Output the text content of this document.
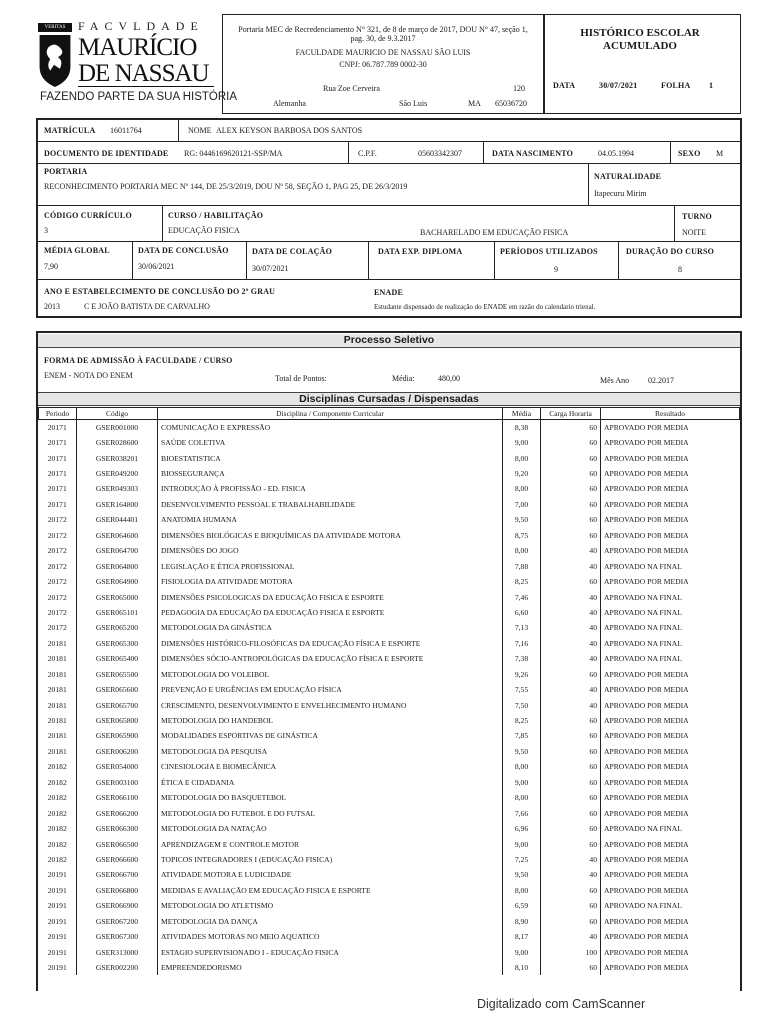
VERITAS	FACVLDADE
MAURÍCIO
DE NASSAU
FAZENDO PARTE DA SUA HISTÓRIA
Portaria MEC de Recredenciamento N° 321, de 8 de março de 2017, DOU N° 47, seção 1, pag. 30, de 9.3.2017
FACULDADE MAURICIO DE NASSAU SÃO LUIS
CNPJ: 06.787.789 0002-30
Rua Zoe Cerveira	120
Alemanha	São Luis	MA 65036720
HISTÓRICO ESCOLAR ACUMULADO
DATA	30/07/2021	FOLHA 1
MATRÍCULA 16011764	NOME ALEX KEYSON BARBOSA DOS SANTOS
DOCUMENTO DE IDENTIDADE RG: 0446169620121-SSP/MA	C.P.F.	05603342307	DATA NASCIMENTO	04.05.1994	SEXO M
PORTARIA
RECONHECIMENTO PORTARIA MEC Nº 144, DE 25/3/2019, DOU Nº 58, SEÇÃO 1, PAG 25, DE 26/3/2019
NATURALIDADE
Itapecuru Mirim
CÓDIGO CURRÍCULO
3
CURSO / HABILITAÇÃO
EDUCAÇÃO FISICA	BACHARELADO EM EDUCAÇÃO FISICA
TURNO
NOITE
MÉDIA GLOBAL
7,90
DATA DE CONCLUSÃO
30/06/2021
DATA DE COLAÇÃO
30/07/2021
DATA EXP. DIPLOMA	PERÍODOS UTILIZADOS
9
DURAÇÃO DO CURSO
8
ANO E ESTABELECIMENTO DE CONCLUSÃO DO 2º GRAU
2013	C E JOÃO BATISTA DE CARVALHO
ENADE
Estudante dispensado de realização do ENADE em razão do calendario trienal.
Processo Seletivo
FORMA DE ADMISSÃO À FACULDADE / CURSO
ENEM - NOTA DO ENEM	Total de Pontos:	Média:	480,00	Mês Ano 02.2017
Disciplinas Cursadas / Dispensadas
Periodo	Código	Disciplina / Componente Curricular	Média	Carga Horaria	Resultado
20171	GSER001000	COMUNICAÇÃO E EXPRESSÃO	8,38	60	APROVADO POR MEDIA
20171	GSER028600	SAÚDE COLETIVA	9,00	60	APROVADO POR MEDIA
20171	GSER038201	BIOESTATISTICA	8,00	60	APROVADO POR MEDIA
20171	GSER049200	BIOSSEGURANÇA	9,20	60	APROVADO POR MEDIA
20171	GSER049303	INTRODUÇÃO À PROFISSÃO - ED. FISICA	8,00	60	APROVADO POR MEDIA
20171	GSER164800	DESENVOLVIMENTO PESSOAL E TRABALHABILIDADE	7,00	60	APROVADO POR MEDIA
20172	GSER044401	ANATOMIA HUMANA	9,50	60	APROVADO POR MEDIA
20172	GSER064600	DIMENSÕES BIOLÓGICAS E BIOQUÍMICAS DA ATIVIDADE MOTORA	8,75	60	APROVADO POR MEDIA
20172	GSER064700	DIMENSÕES DO JOGO	8,00	40	APROVADO POR MEDIA
20172	GSER064800	LEGISLAÇÃO E ÉTICA PROFISSIONAL	7,88	40	APROVADO NA FINAL
20172	GSER064900	FISIOLOGIA DA ATIVIDADE MOTORA	8,25	60	APROVADO POR MEDIA
20172	GSER065000	DIMENSÕES PSICOLOGICAS DA EDUCAÇÃO FISICA E ESPORTE	7,46	40	APROVADO NA FINAL
20172	GSER065101	PEDAGOGIA DA EDUCAÇÃO DA EDUCAÇÃO FISICA E ESPORTE	6,60	40	APROVADO NA FINAL
20172	GSER065200	METODOLOGIA DA GINÁSTICA	7,13	40	APROVADO NA FINAL
20181	GSER065300	DIMENSÕES HISTÓRICO-FILOSÓFICAS DA EDUCAÇÃO FÍSICA E ESPORTE	7,16	40	APROVADO NA FINAL
20181	GSER065400	DIMENSÕES SÓCIO-ANTROPOLÓGICAS DA EDUCAÇÃO FÍSICA E ESPORTE	7,38	40	APROVADO NA FINAL
20181	GSER065500	METODOLOGIA DO VOLEIBOL	9,26	60	APROVADO POR MEDIA
20181	GSER065600	PREVENÇÃO E URGÊNCIAS EM EDUCAÇÃO FÍSICA	7,55	40	APROVADO POR MEDIA
20181	GSER065700	CRESCIMENTO, DESENVOLVIMENTO E ENVELHECIMENTO HUMANO	7,50	40	APROVADO POR MEDIA
20181	GSER065800	METODOLOGIA DO HANDEBOL	8,25	60	APROVADO POR MEDIA
20181	GSER065900	MODALIDADES ESPORTIVAS DE GINÁSTICA	7,85	60	APROVADO POR MEDIA
20181	GSER006200	METODOLOGIA DA PESQUISA	9,50	60	APROVADO POR MEDIA
20182	GSER054000	CINESIOLOGIA E BIOMECÂNICA	8,00	60	APROVADO POR MEDIA
20182	GSER003100	ÉTICA E CIDADANIA	9,00	60	APROVADO POR MEDIA
20182	GSER066100	METODOLOGIA DO BASQUETEBOL	8,00	60	APROVADO POR MEDIA
20182	GSER066200	METODOLOGIA DO FUTEBOL E DO FUTSAL	7,66	60	APROVADO POR MEDIA
20182	GSER066300	METODOLOGIA DA NATAÇÃO	6,96	60	APROVADO NA FINAL
20182	GSER066500	APRENDIZAGEM E CONTROLE MOTOR	9,00	60	APROVADO POR MEDIA
20182	GSER066600	TOPICOS INTEGRADORES I (EDUCAÇÃO FISICA)	7,25	40	APROVADO POR MEDIA
20191	GSER066700	ATIVIDADE MOTORA E LUDICIDADE	9,50	40	APROVADO POR MEDIA
20191	GSER066800	MEDIDAS E AVALIAÇÃO EM EDUCAÇÃO FISICA E ESPORTE	8,00	60	APROVADO POR MEDIA
20191	GSER066900	METODOLOGIA DO ATLETISMO	6,59	60	APROVADO NA FINAL
20191	GSER067200	METODOLOGIA DA DANÇA	8,90	60	APROVADO POR MEDIA
20191	GSER067300	ATIVIDADES MOTORAS NO MEIO AQUATICO	8,17	40	APROVADO POR MEDIA
20191	GSER313000	ESTAGIO SUPERVISIONADO I - EDUCAÇÃO FISICA	9,00	100	APROVADO POR MEDIA
20191	GSER002200	EMPREENDEDORISMO	8,10	60	APROVADO POR MEDIA
Digitalizado com CamScanner
